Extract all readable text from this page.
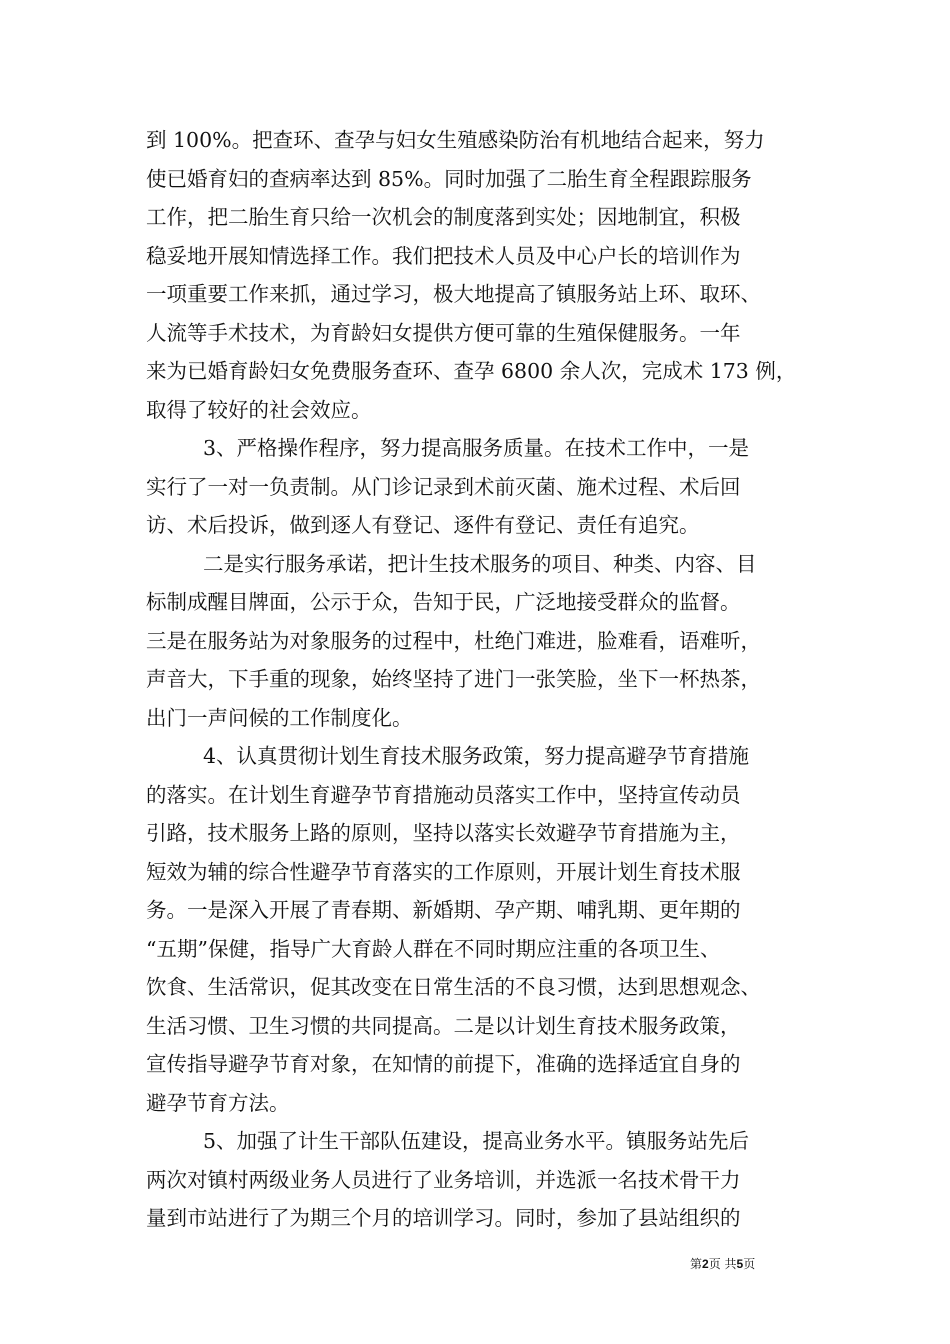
到 100%。把查环、查孕与妇女生殖感染防治有机地结合起来，努力
使已婚育妇的查病率达到 85%。同时加强了二胎生育全程跟踪服务
工作，把二胎生育只给一次机会的制度落到实处；因地制宜，积极
稳妥地开展知情选择工作。我们把技术人员及中心户长的培训作为
一项重要工作来抓，通过学习，极大地提高了镇服务站上环、取环、
人流等手术技术，为育龄妇女提供方便可靠的生殖保健服务。一年
来为已婚育龄妇女免费服务查环、查孕 6800 余人次，完成术 173 例，
取得了较好的社会效应。
3、严格操作程序，努力提高服务质量。在技术工作中，一是
实行了一对一负责制。从门诊记录到术前灭菌、施术过程、术后回
访、术后投诉，做到逐人有登记、逐件有登记、责任有追究。
二是实行服务承诺，把计生技术服务的项目、种类、内容、目
标制成醒目牌面，公示于众，告知于民，广泛地接受群众的监督。
三是在服务站为对象服务的过程中，杜绝门难进，脸难看，语难听，
声音大，下手重的现象，始终坚持了进门一张笑脸，坐下一杯热茶，
出门一声问候的工作制度化。
4、认真贯彻计划生育技术服务政策，努力提高避孕节育措施
的落实。在计划生育避孕节育措施动员落实工作中，坚持宣传动员
引路，技术服务上路的原则，坚持以落实长效避孕节育措施为主，
短效为辅的综合性避孕节育落实的工作原则，开展计划生育技术服
务。一是深入开展了青春期、新婚期、孕产期、哺乳期、更年期的
“五期”保健，指导广大育龄人群在不同时期应注重的各项卫生、
饮食、生活常识，促其改变在日常生活的不良习惯，达到思想观念、
生活习惯、卫生习惯的共同提高。二是以计划生育技术服务政策，
宣传指导避孕节育对象，在知情的前提下，准确的选择适宜自身的
避孕节育方法。
5、加强了计生干部队伍建设，提高业务水平。镇服务站先后
两次对镇村两级业务人员进行了业务培训，并选派一名技术骨干力
量到市站进行了为期三个月的培训学习。同时，参加了县站组织的
第2页 共5页
